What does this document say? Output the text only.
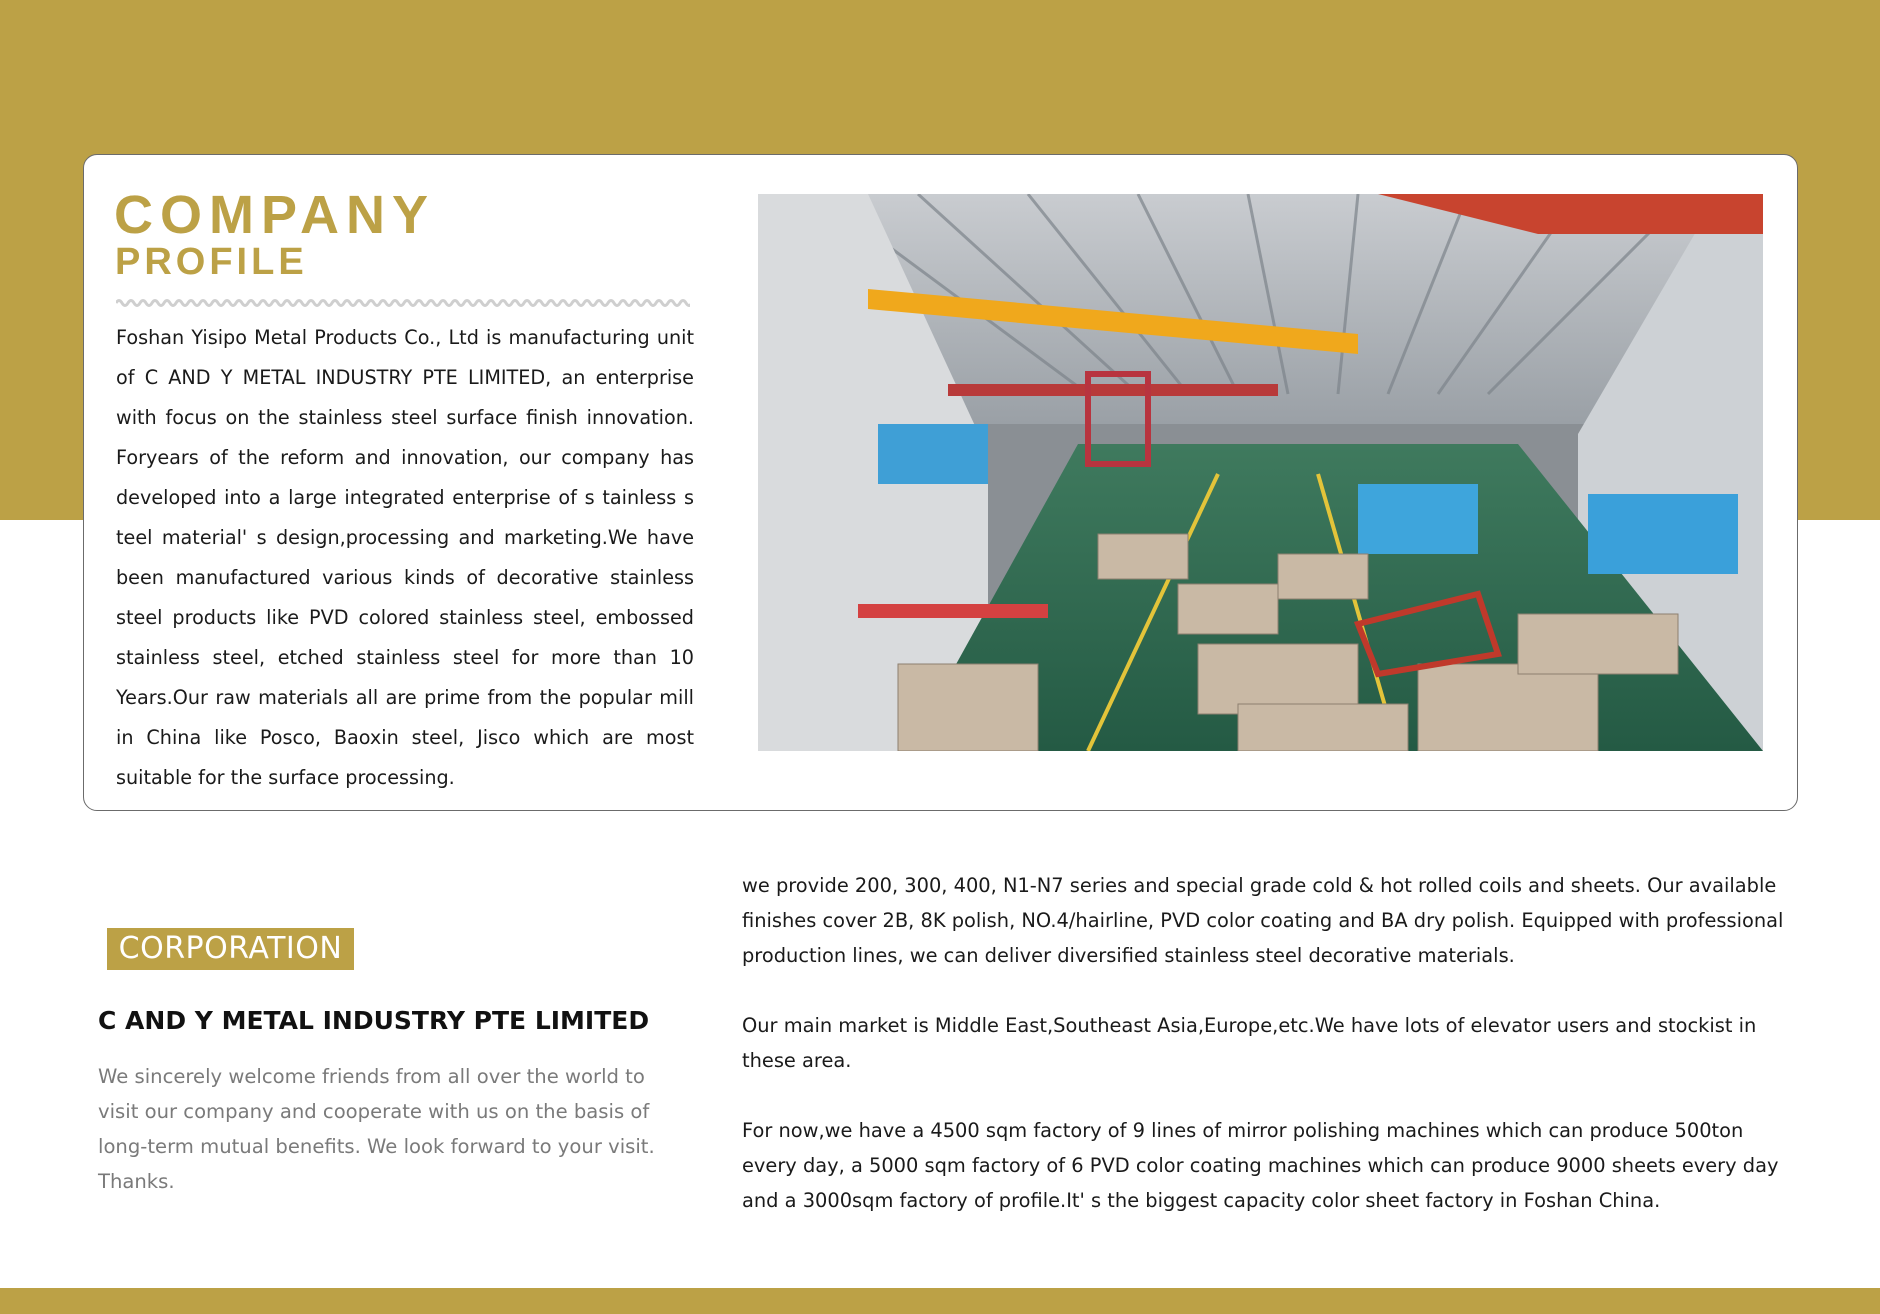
COMPANY
PROFILE

Foshan Yisipo Metal Products Co., Ltd is manufacturing unit of C AND Y METAL INDUSTRY PTE LIMITED, an enterprise with focus on the stainless steel surface finish innovation. Foryears of the reform and innovation, our company has developed into a large integrated enterprise of s tainless s teel material' s design,processing and marketing.We have been manufactured various kinds of decorative stainless steel products like PVD colored stainless steel, embossed stainless steel, etched stainless steel for more than 10 Years.Our raw materials all are prime from the popular mill in China like Posco, Baoxin steel, Jisco which are most suitable for the surface processing.

CORPORATION
C AND Y METAL INDUSTRY PTE LIMITED

We sincerely welcome friends from all over the world to visit our company and cooperate with us on the basis of long-term mutual benefits. We look forward to your visit. Thanks.

we provide 200, 300, 400, N1-N7 series and special grade cold & hot rolled coils and sheets. Our available finishes cover 2B, 8K polish, NO.4/hairline, PVD color coating and BA dry polish. Equipped with professional production lines, we can deliver diversified stainless steel decorative materials.

Our main market is Middle East,Southeast Asia,Europe,etc.We have lots of elevator users and stockist in these area.

For now,we have a 4500 sqm factory of 9 lines of mirror polishing machines which can produce 500ton every day, a 5000 sqm factory of 6 PVD color coating machines which can produce 9000 sheets every day and a 3000sqm factory of profile.It' s the biggest capacity color sheet factory in Foshan China.
